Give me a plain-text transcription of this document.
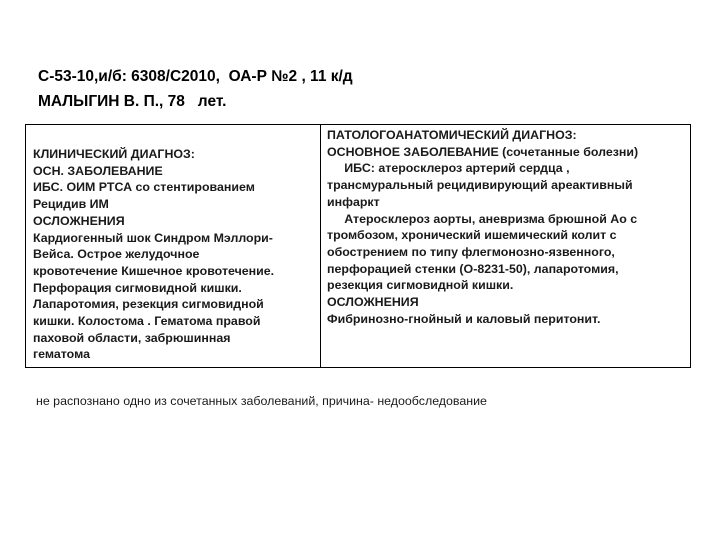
С-53-10,и/б: 6308/С2010,  ОА-Р №2 , 11 к/д
МАЛЫГИН В. П., 78   лет.
КЛИНИЧЕСКИЙ ДИАГНОЗ:
ОСН. ЗАБОЛЕВАНИЕ
ИБС. ОИМ РТСА со стентированием
Рецидив ИМ
ОСЛОЖНЕНИЯ
Кардиогенный шок Синдром Мэллори-
Вейса. Острое желудочное
кровотечение Кишечное кровотечение.
Перфорация сигмовидной кишки.
Лапаротомия, резекция сигмовидной
кишки. Колостома . Гематома правой
паховой области, забрюшинная
гематома
ПАТОЛОГОАНАТОМИЧЕСКИЙ ДИАГНОЗ:
ОСНОВНОЕ ЗАБОЛЕВАНИЕ (сочетанные болезни)
ИБС: атеросклероз артерий сердца ,
трансмуральный рецидивирующий ареактивный
инфаркт
Атеросклероз аорты, аневризма брюшной Ао с
тромбозом, хронический ишемический колит с
обострением по типу флегмонозно-язвенного,
перфорацией стенки (О-8231-50), лапаротомия,
резекция сигмовидной кишки.
ОСЛОЖНЕНИЯ
Фибринозно-гнойный и каловый перитонит.
не распознано одно из сочетанных заболеваний, причина- недообследование
